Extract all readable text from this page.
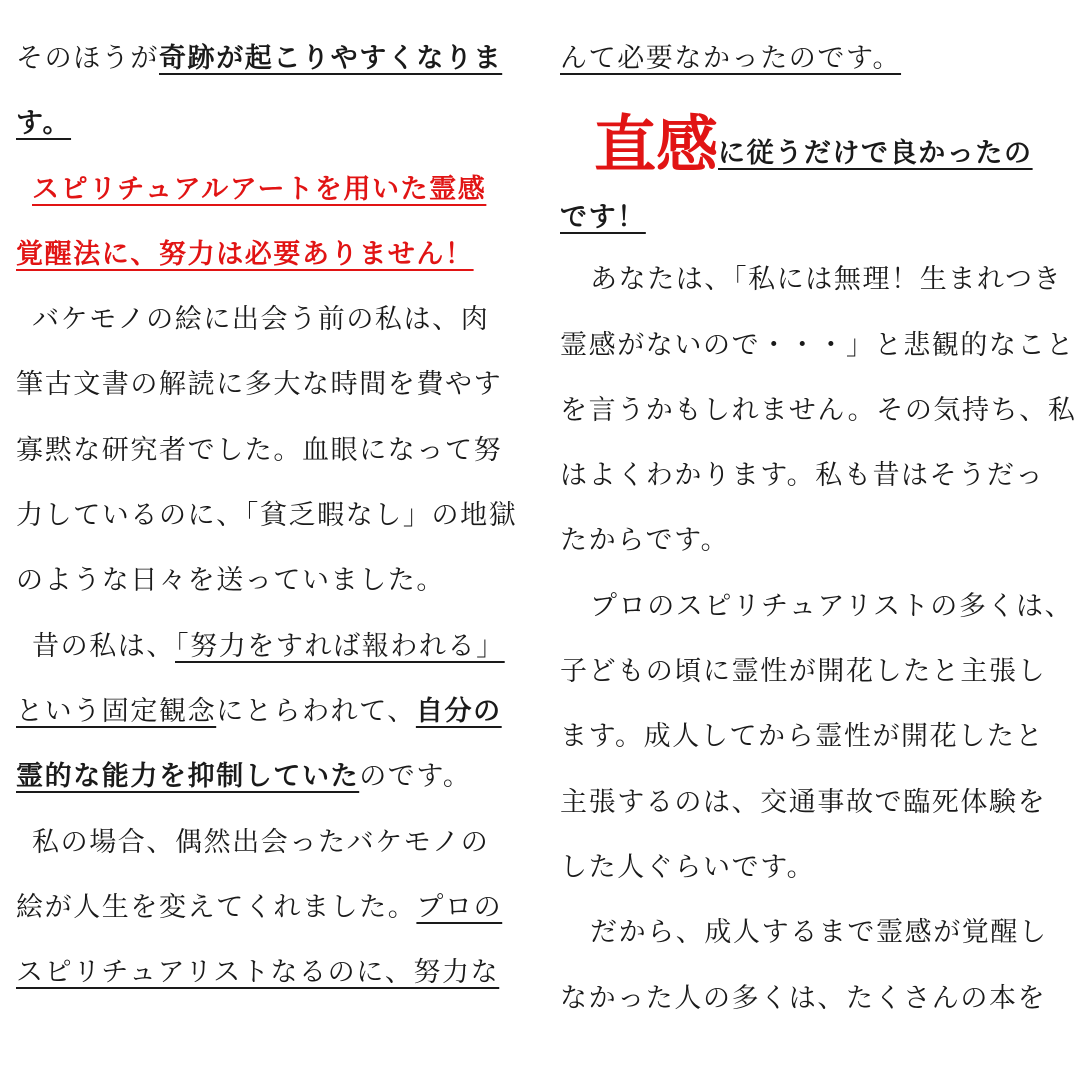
そのほうが奇跡が起こりやすくなりま
す。
スピリチュアルアートを用いた霊感
覚醒法に、努力は必要ありません！
バケモノの絵に出会う前の私は、肉
筆古文書の解読に多大な時間を費やす
寡黙な研究者でした。血眼になって努
力しているのに、「貧乏暇なし」の地獄
のような日々を送っていました。
昔の私は、「努力をすれば報われる」
という固定観念にとらわれて、自分の
霊的な能力を抑制していたのです。
私の場合、偶然出会ったバケモノの
絵が人生を変えてくれました。プロの
スピリチュアリストなるのに、努力な
んて必要なかったのです。
直感に従うだけで良かったの
です！
あなたは、「私には無理！生まれつき
霊感がないので・・・」と悲観的なこと
を言うかもしれません。その気持ち、私
はよくわかります。私も昔はそうだっ
たからです。
プロのスピリチュアリストの多くは、
子どもの頃に霊性が開花したと主張し
ます。成人してから霊性が開花したと
主張するのは、交通事故で臨死体験を
した人ぐらいです。
だから、成人するまで霊感が覚醒し
なかった人の多くは、たくさんの本を
